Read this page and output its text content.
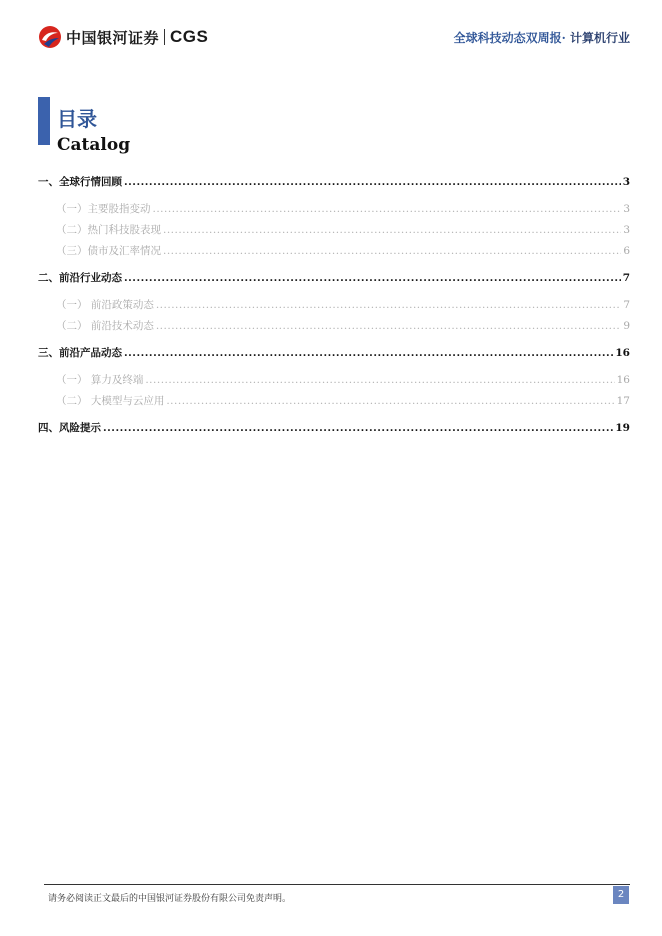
中国银河证券 CGS	全球科技动态双周报· 计算机行业
目录
Catalog
一、全球行情回顾 .....	3
（一）主要股指变动 .....	3
（二）热门科技股表现 .....	3
（三）债市及汇率情况 .....	6
二、前沿行业动态 .....	7
（一） 前沿政策动态 .....	7
（二） 前沿技术动态 .....	9
三、前沿产品动态 .....	16
（一） 算力及终端 .....	16
（二） 大模型与云应用 .....	17
四、风险提示 .....	19
请务必阅读正文最后的中国银河证券股份有限公司免责声明。	2
